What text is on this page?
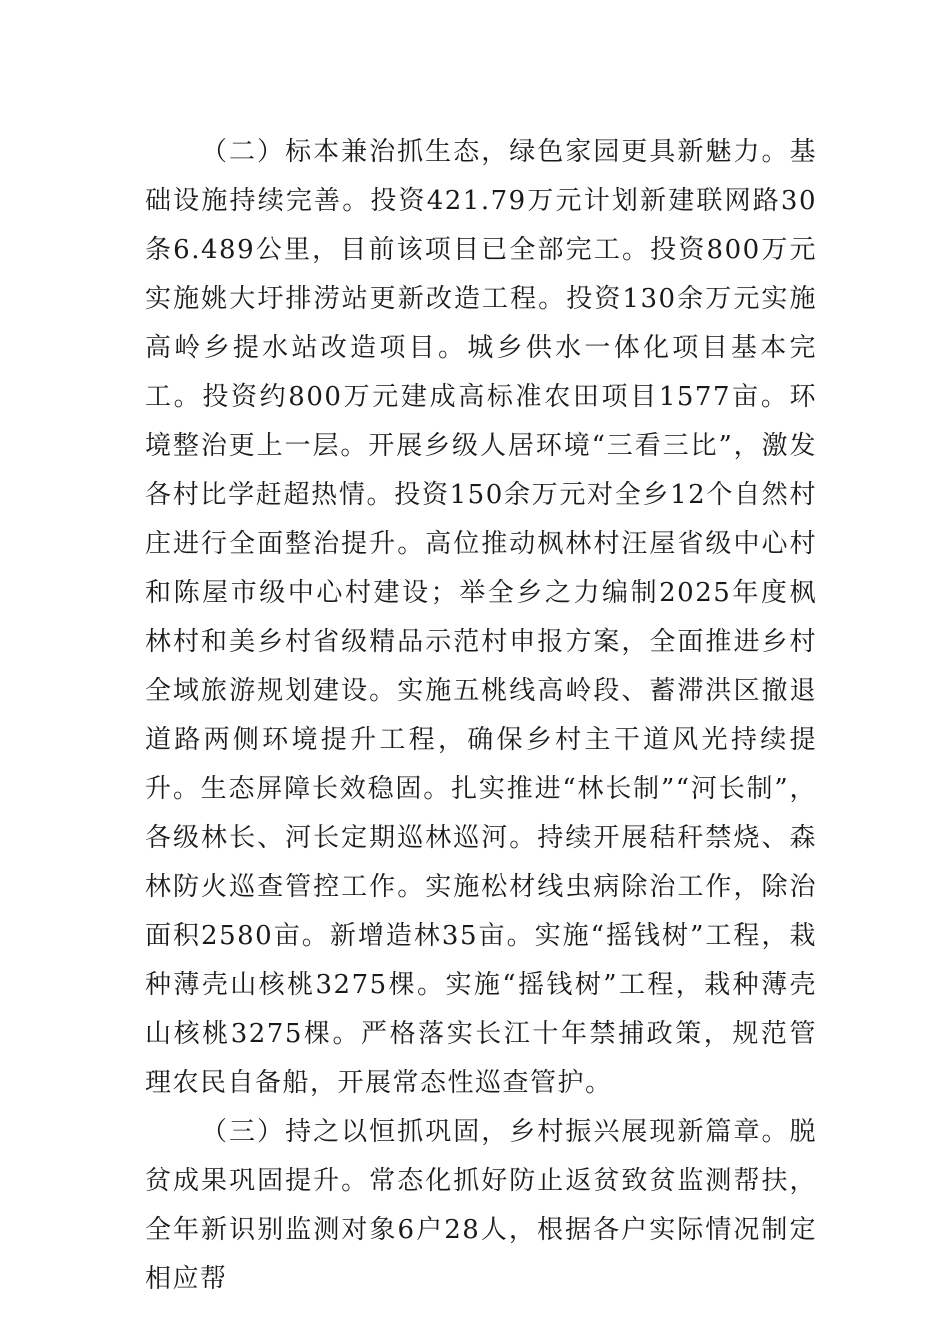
（二）标本兼治抓生态，绿色家园更具新魅力。基础设施持续完善。投资421.79万元计划新建联网路30条6.489公里，目前该项目已全部完工。投资800万元实施姚大圩排涝站更新改造工程。投资130余万元实施高岭乡提水站改造项目。城乡供水一体化项目基本完工。投资约800万元建成高标准农田项目1577亩。环境整治更上一层。开展乡级人居环境“三看三比”，激发各村比学赶超热情。投资150余万元对全乡12个自然村庄进行全面整治提升。高位推动枫林村汪屋省级中心村和陈屋市级中心村建设；举全乡之力编制2025年度枫林村和美乡村省级精品示范村申报方案，全面推进乡村全域旅游规划建设。实施五桃线高岭段、蓄滞洪区撤退道路两侧环境提升工程，确保乡村主干道风光持续提升。生态屏障长效稳固。扎实推进“林长制”“河长制”，各级林长、河长定期巡林巡河。持续开展秸秆禁烧、森林防火巡查管控工作。实施松材线虫病除治工作，除治面积2580亩。新增造林35亩。实施“摇钱树”工程，栽种薄壳山核桃3275棵。实施“摇钱树”工程，栽种薄壳山核桃3275棵。严格落实长江十年禁捕政策，规范管理农民自备船，开展常态性巡查管护。

（三）持之以恒抓巩固，乡村振兴展现新篇章。脱贫成果巩固提升。常态化抓好防止返贫致贫监测帮扶，全年新识别监测对象6户28人，根据各户实际情况制定相应帮
